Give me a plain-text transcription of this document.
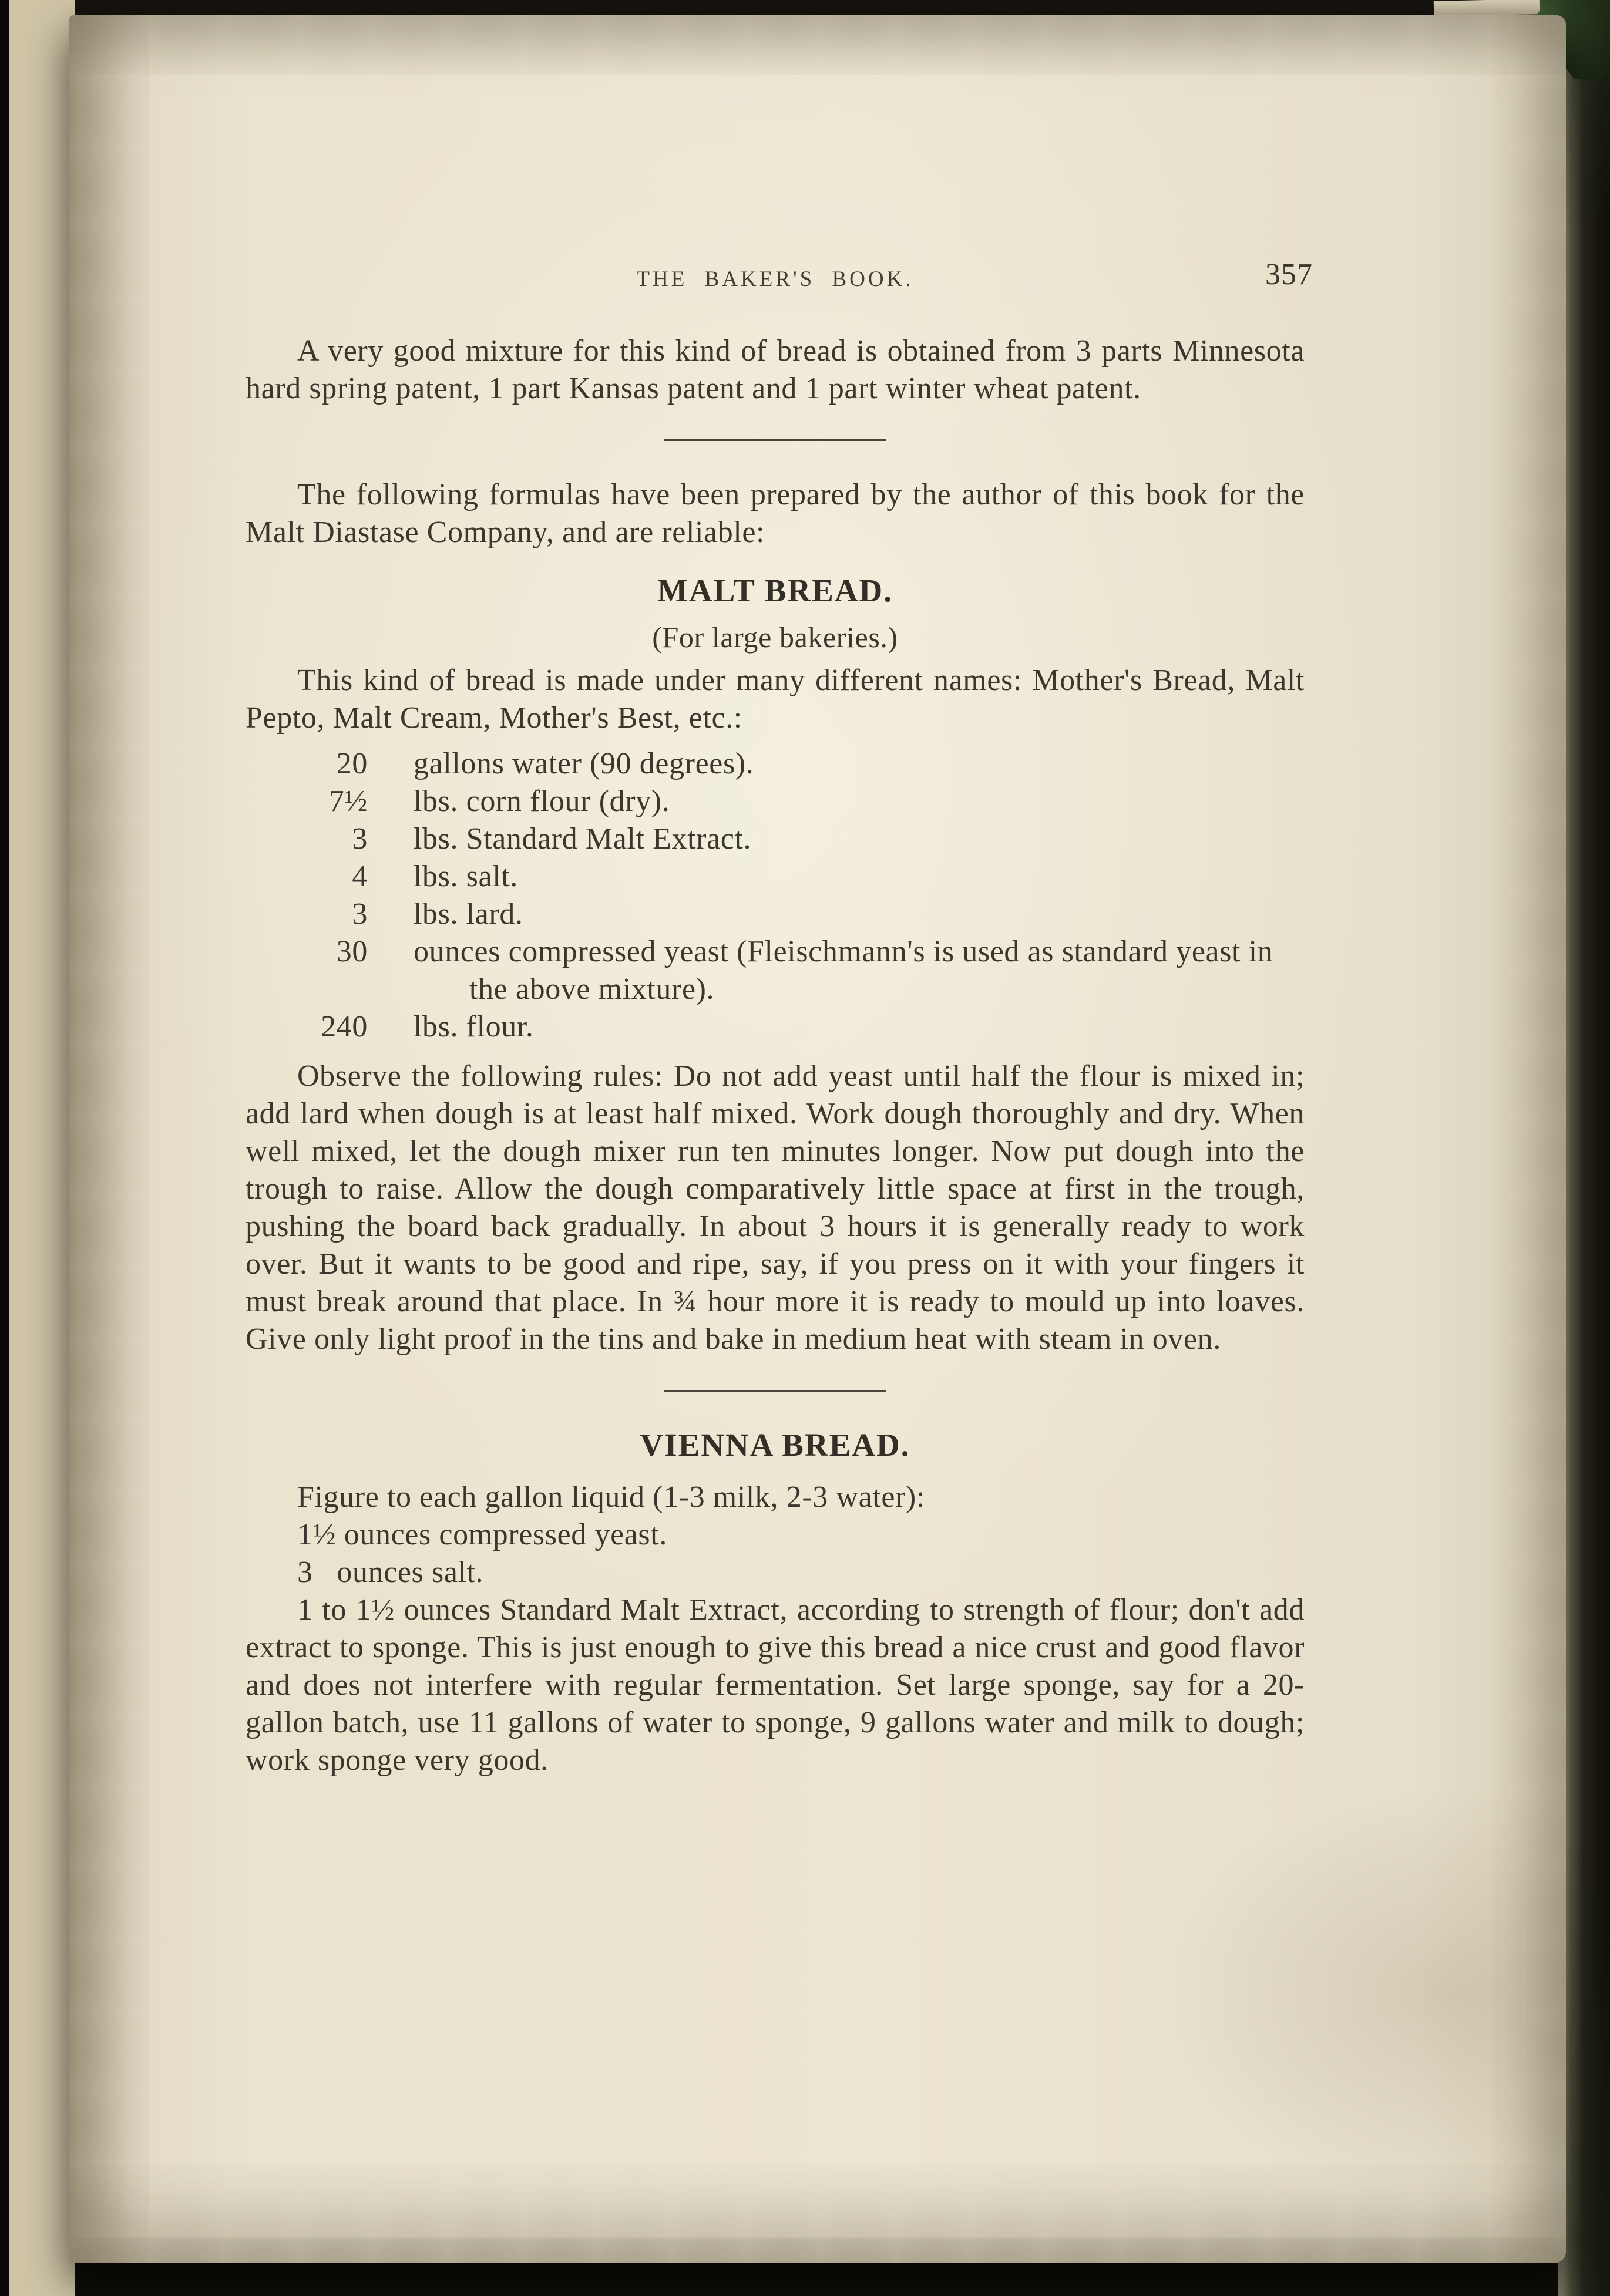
THE BAKER'S BOOK.	357

A very good mixture for this kind of bread is obtained from 3 parts Minnesota hard spring patent, 1 part Kansas patent and 1 part winter wheat patent.

The following formulas have been prepared by the author of this book for the Malt Diastase Company, and are reliable:

MALT BREAD.
(For large bakeries.)

This kind of bread is made under many different names: Mother's Bread, Malt Pepto, Malt Cream, Mother's Best, etc.:

20 gallons water (90 degrees).
7½ lbs. corn flour (dry).
3 lbs. Standard Malt Extract.
4 lbs. salt.
3 lbs. lard.
30 ounces compressed yeast (Fleischmann's is used as standard yeast in the above mixture).
240 lbs. flour.

Observe the following rules: Do not add yeast until half the flour is mixed in; add lard when dough is at least half mixed. Work dough thoroughly and dry. When well mixed, let the dough mixer run ten minutes longer. Now put dough into the trough to raise. Allow the dough comparatively little space at first in the trough, pushing the board back gradually. In about 3 hours it is generally ready to work over. But it wants to be good and ripe, say, if you press on it with your fingers it must break around that place. In ¾ hour more it is ready to mould up into loaves. Give only light proof in the tins and bake in medium heat with steam in oven.

VIENNA BREAD.

Figure to each gallon liquid (1-3 milk, 2-3 water):

1½ ounces compressed yeast.

3   ounces salt.

1 to 1½ ounces Standard Malt Extract, according to strength of flour; don't add extract to sponge. This is just enough to give this bread a nice crust and good flavor and does not interfere with regular fermentation. Set large sponge, say for a 20-gallon batch, use 11 gallons of water to sponge, 9 gallons water and milk to dough; work sponge very good.
